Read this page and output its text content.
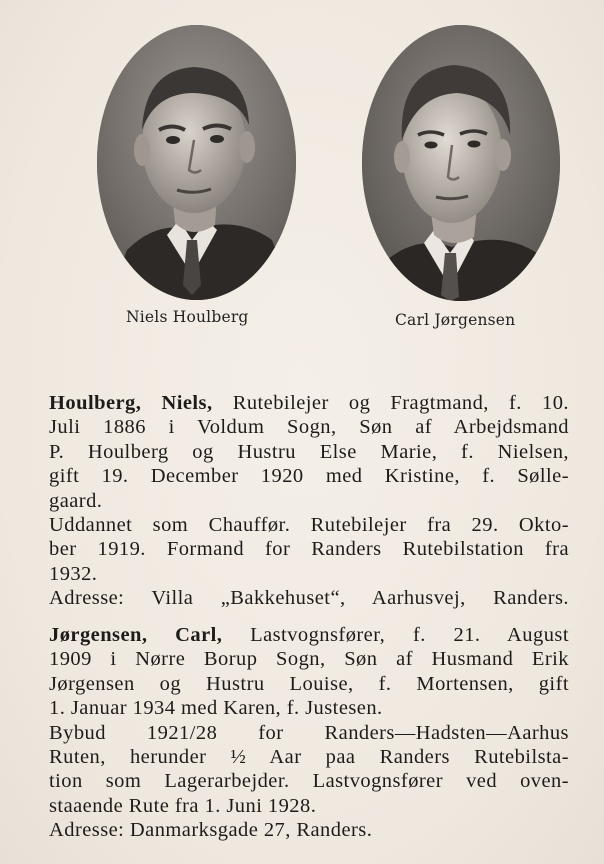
Niels Houlberg	Carl Jørgensen
Houlberg, Niels, Rutebilejer og Fragtmand, f. 10.
Juli 1886 i Voldum Sogn, Søn af Arbejdsmand
P. Houlberg og Hustru Else Marie, f. Nielsen,
gift 19. December 1920 med Kristine, f. Sølle-
gaard.
Uddannet som Chauffør. Rutebilejer fra 29. Okto-
ber 1919. Formand for Randers Rutebilstation fra
1932.
Adresse: Villa „Bakkehuset“, Aarhusvej, Randers.
Jørgensen, Carl, Lastvognsfører, f. 21. August
1909 i Nørre Borup Sogn, Søn af Husmand Erik
Jørgensen og Hustru Louise, f. Mortensen, gift
1. Januar 1934 med Karen, f. Justesen.
Bybud 1921/28 for Randers—Hadsten—Aarhus
Ruten, herunder ½ Aar paa Randers Rutebilsta-
tion som Lagerarbejder. Lastvognsfører ved oven-
staaende Rute fra 1. Juni 1928.
Adresse: Danmarksgade 27, Randers.
